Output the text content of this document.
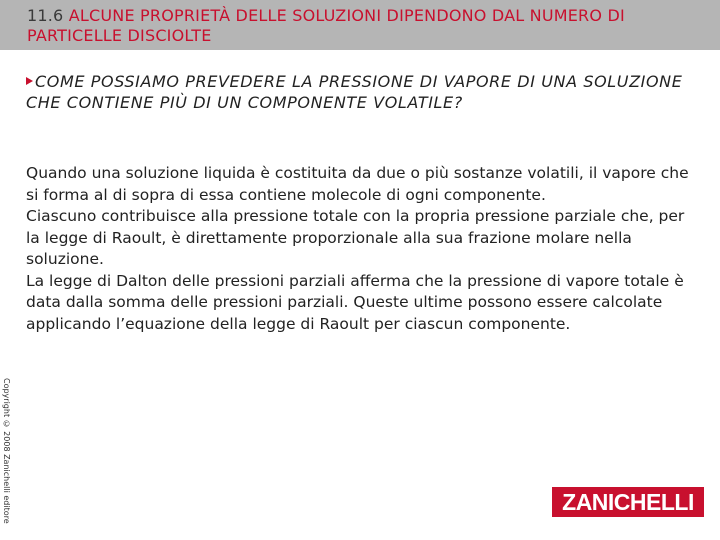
11.6 ALCUNE PROPRIETÀ DELLE SOLUZIONI DIPENDONO DAL NUMERO DI PARTICELLE DISCIOLTE
COME POSSIAMO PREVEDERE LA PRESSIONE DI VAPORE DI UNA SOLUZIONE CHE CONTIENE PIÙ DI UN COMPONENTE VOLATILE?

Quando una soluzione liquida è costituita da due o più sostanze volatili, il vapore che si forma al di sopra di essa contiene molecole di ogni componente.

Ciascuno contribuisce alla pressione totale con la propria pressione parziale che, per la legge di Raoult, è direttamente proporzionale alla sua frazione molare nella soluzione.

La legge di Dalton delle pressioni parziali afferma che la pressione di vapore totale è data dalla somma delle pressioni parziali. Queste ultime possono essere calcolate applicando l’equazione della legge di Raoult per ciascun componente.

Copyright © 2008 Zanichelli editore	ZANICHELLI
